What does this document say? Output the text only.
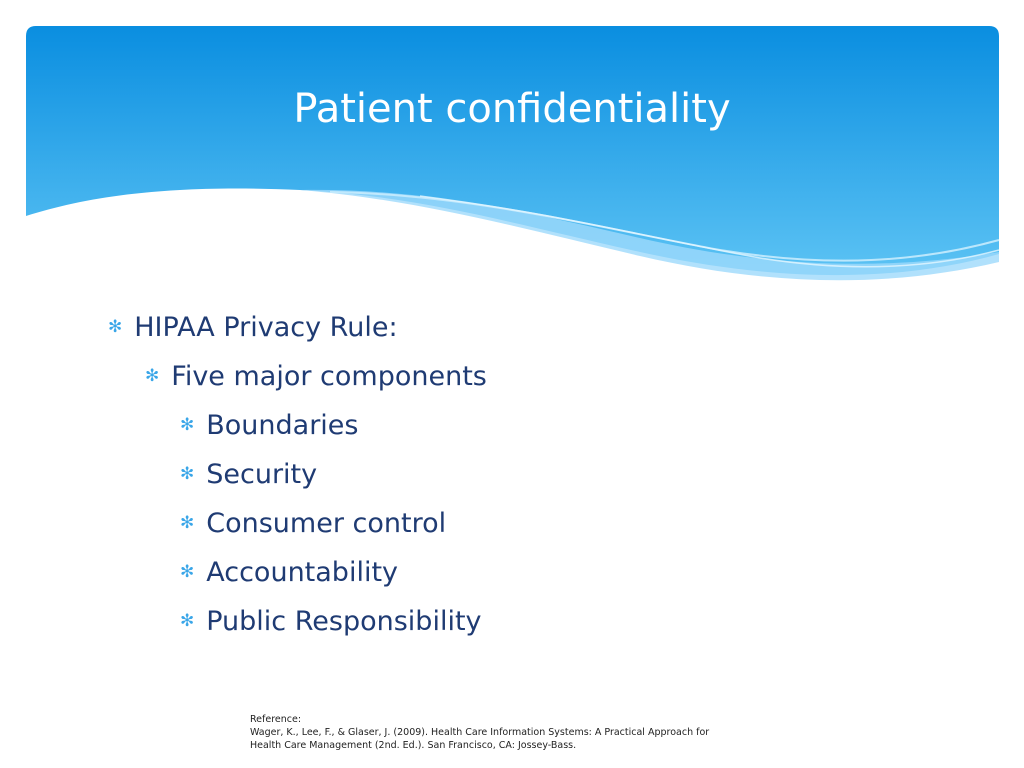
Patient confidentiality
✻ HIPAA Privacy Rule:
✻ Five major components
✻ Boundaries
✻ Security
✻ Consumer control
✻ Accountability
✻ Public Responsibility
Reference:
Wager, K., Lee, F., & Glaser, J. (2009). Health Care Information Systems: A Practical Approach for
Health Care Management (2nd. Ed.). San Francisco, CA: Jossey-Bass.
